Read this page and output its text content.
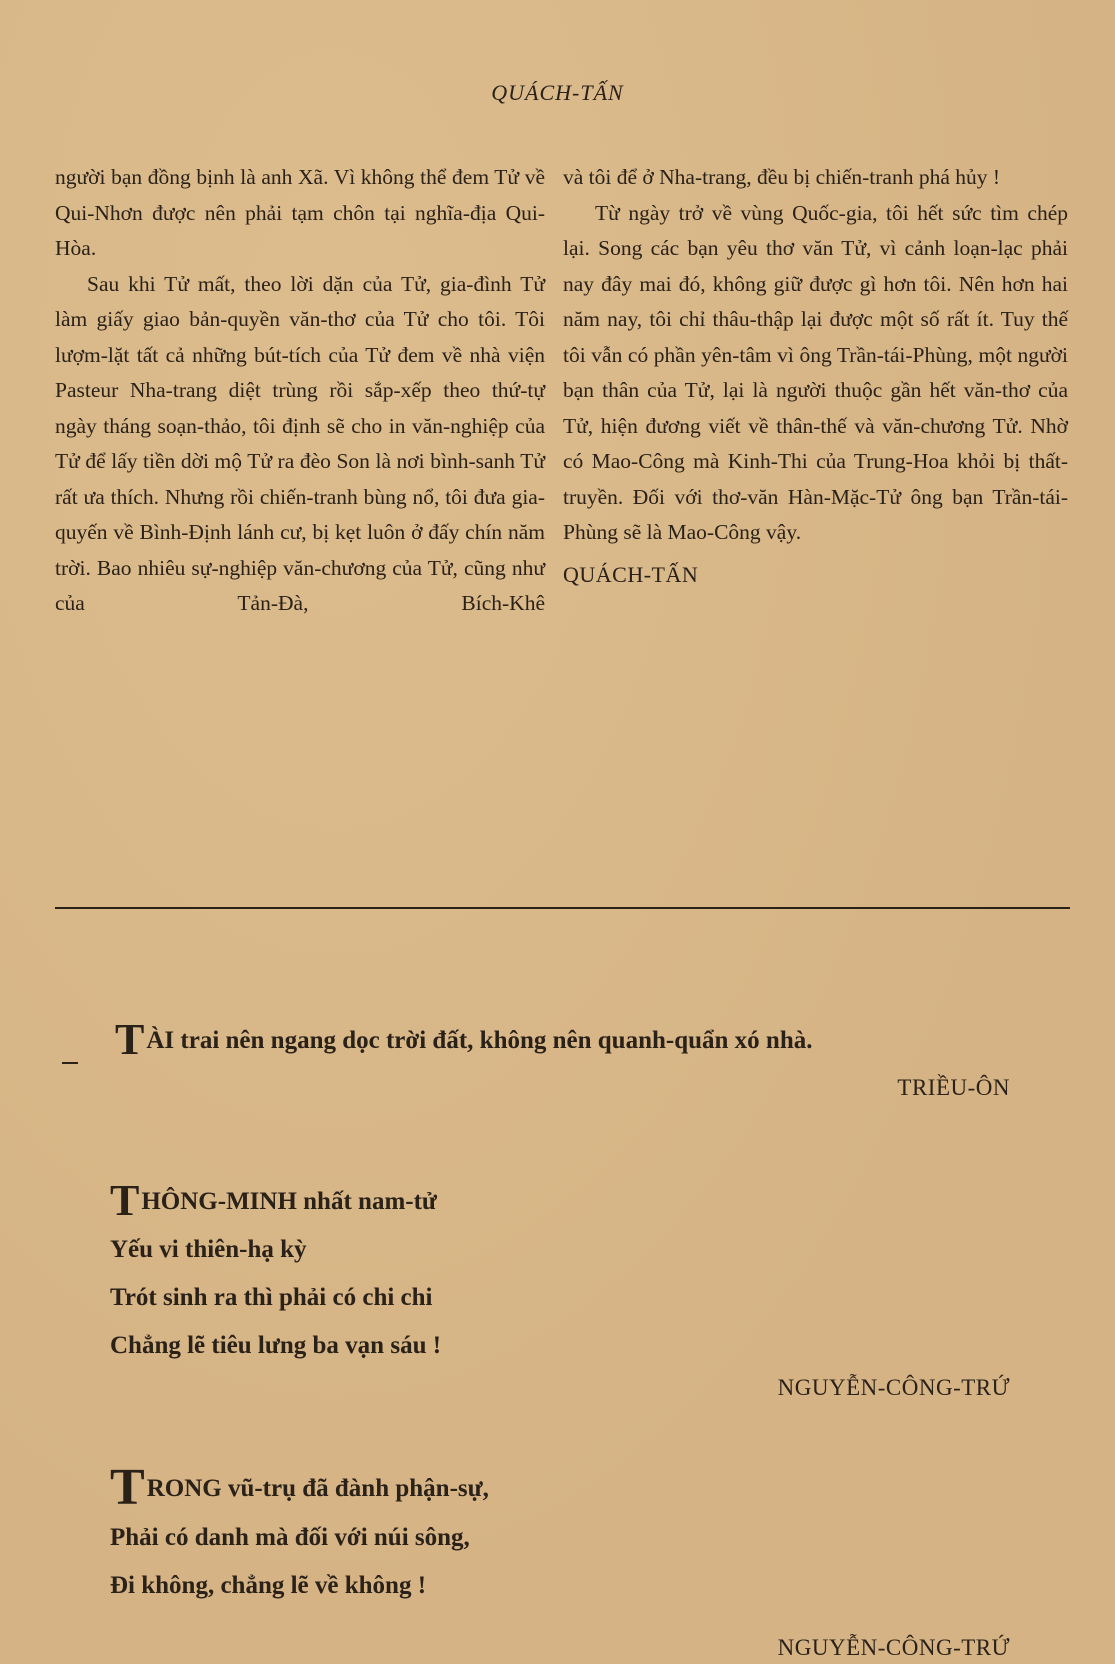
QUÁCH-TẤN

người bạn đồng bịnh là anh Xã. Vì không thể đem Tử về Qui-Nhơn được nên phải tạm chôn tại nghĩa-địa Qui-Hòa.

Sau khi Tử mất, theo lời dặn của Tử, gia-đình Tử làm giấy giao bản-quyền văn-thơ của Tử cho tôi. Tôi lượm-lặt tất cả những bút-tích của Tử đem về nhà viện Pasteur Nha-trang diệt trùng rồi sắp-xếp theo thứ-tự ngày tháng soạn-thảo, tôi định sẽ cho in văn-nghiệp của Tử để lấy tiền dời mộ Tử ra đèo Son là nơi bình-sanh Tử rất ưa thích. Nhưng rồi chiến-tranh bùng nổ, tôi đưa gia-quyến về Bình-Định lánh cư, bị kẹt luôn ở đấy chín năm trời. Bao nhiêu sự-nghiệp văn-chương của Tử, cũng như của Tản-Đà, Bích-Khê

và tôi để ở Nha-trang, đều bị chiến-tranh phá hủy !

Từ ngày trở về vùng Quốc-gia, tôi hết sức tìm chép lại. Song các bạn yêu thơ văn Tử, vì cảnh loạn-lạc phải nay đây mai đó, không giữ được gì hơn tôi. Nên hơn hai năm nay, tôi chỉ thâu-thập lại được một số rất ít. Tuy thế tôi vẫn có phần yên-tâm vì ông Trần-tái-Phùng, một người bạn thân của Tử, lại là người thuộc gần hết văn-thơ của Tử, hiện đương viết về thân-thế và văn-chương Tử. Nhờ có Mao-Công mà Kinh-Thi của Trung-Hoa khỏi bị thất-truyền. Đối với thơ-văn Hàn-Mặc-Tử ông bạn Trần-tái-Phùng sẽ là Mao-Công vậy.

QUÁCH-TẤN

TÀI trai nên ngang dọc trời đất, không nên quanh-quẩn xó nhà.
TRIỀU-ÔN
THÔNG-MINH nhất nam-tử
Yếu vi thiên-hạ kỳ
Trót sinh ra thì phải có chi chi
Chẳng lẽ tiêu lưng ba vạn sáu !
NGUYỄN-CÔNG-TRỨ
TRONG vũ-trụ đã đành phận-sự,
Phải có danh mà đối với núi sông,
Đi không, chẳng lẽ về không !
NGUYỄN-CÔNG-TRỨ
